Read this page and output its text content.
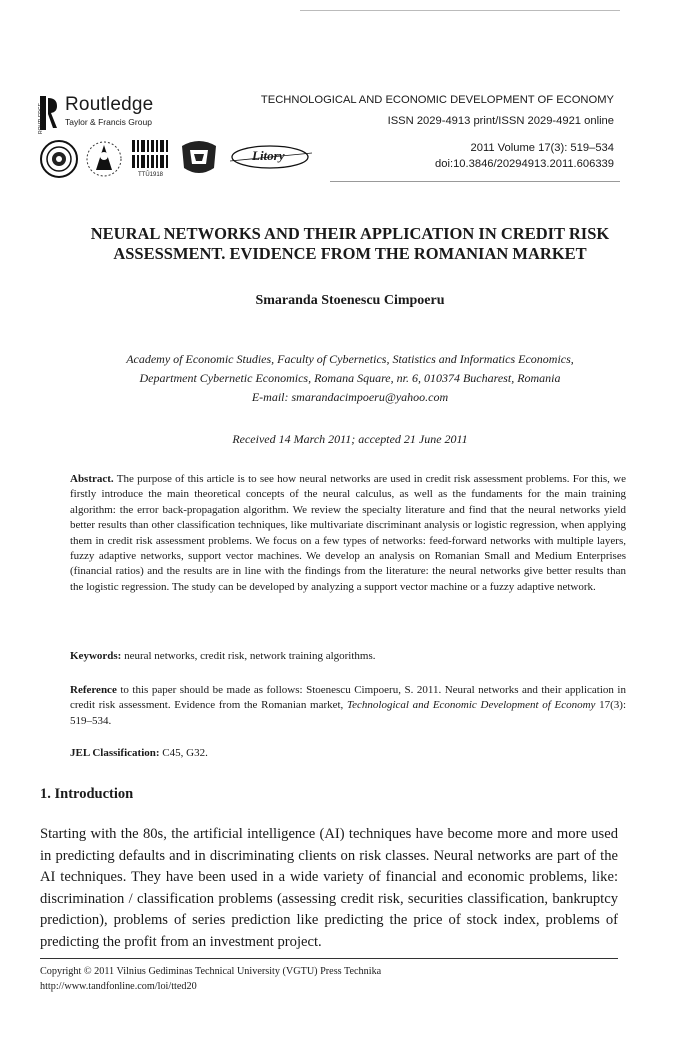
Routledge
Taylor & Francis Group
ROUTLEDGE
TECHNOLOGICAL AND ECONOMIC DEVELOPMENT OF ECONOMY
ISSN 2029-4913 print/ISSN 2029-4921 online
2011 Volume 17(3): 519–534
doi:10.3846/20294913.2011.606339
TTŪ1918
Litory
NEURAL NETWORKS AND THEIR APPLICATION IN CREDIT RISK
ASSESSMENT. EVIDENCE FROM THE ROMANIAN MARKET
Smaranda Stoenescu Cimpoeru
Academy of Economic Studies, Faculty of Cybernetics, Statistics and Informatics Economics,
Department Cybernetic Economics, Romana Square, nr. 6, 010374 Bucharest, Romania
E-mail: smarandacimpoeru@yahoo.com
Received 14 March 2011; accepted 21 June 2011
Abstract. The purpose of this article is to see how neural networks are used in credit risk assessment problems. For this, we firstly introduce the main theoretical concepts of the neural calculus, as well as the fundaments for the main training algorithm: the error back-propagation algorithm. We review the specialty literature and find that the neural networks yield better results than other classification techniques, like multivariate discriminant analysis or logistic regression, when applying them in credit risk assessment problems. We focus on a few types of networks: feed-forward networks with multiple layers, fuzzy adaptive networks, support vector machines. We develop an analysis on Romanian Small and Medium Enterprises (financial ratios) and the results are in line with the findings from the literature: the neural networks give better results than the logistic regression. The study can be developed by analyzing a support vector machine or a fuzzy adaptive network.
Keywords: neural networks, credit risk, network training algorithms.
Reference to this paper should be made as follows: Stoenescu Cimpoeru, S. 2011. Neural networks and their application in credit risk assessment. Evidence from the Romanian market, Technological and Economic Development of Economy 17(3): 519–534.
JEL Classification: C45, G32.
1. Introduction
Starting with the 80s, the artificial intelligence (AI) techniques have become more and more used in predicting defaults and in discriminating clients on risk classes. Neural networks are part of the AI techniques. They have been used in a wide variety of financial and economic problems, like: discrimination / classification problems (assessing credit risk, securities classification, bankruptcy prediction), problems of series prediction like predicting the price of stock index, problems of predicting the profit from an investment project.
Copyright © 2011 Vilnius Gediminas Technical University (VGTU) Press Technika
http://www.tandfonline.com/loi/tted20
